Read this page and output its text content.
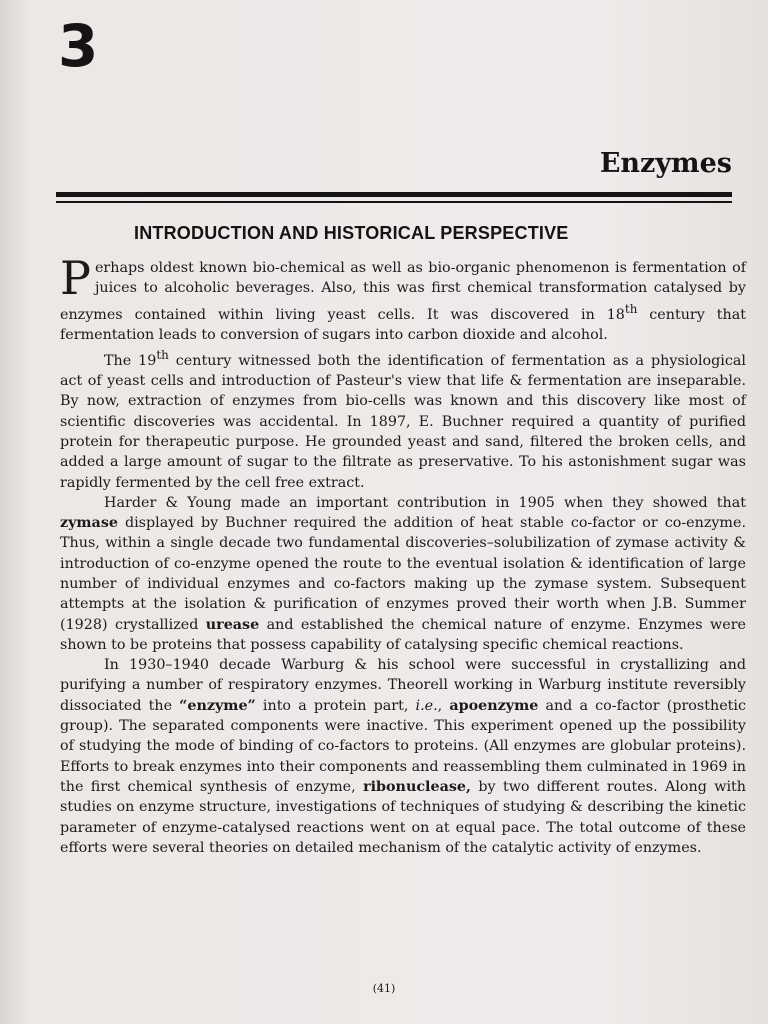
3
Enzymes
INTRODUCTION AND HISTORICAL PERSPECTIVE

Perhaps oldest known bio-chemical as well as bio-organic phenomenon is fermentation of juices to alcoholic beverages. Also, this was first chemical transformation catalysed by enzymes contained within living yeast cells. It was discovered in 18th century that fermentation leads to conversion of sugars into carbon dioxide and alcohol.

The 19th century witnessed both the identification of fermentation as a physiological act of yeast cells and introduction of Pasteur's view that life & fermentation are inseparable. By now, extraction of enzymes from bio-cells was known and this discovery like most of scientific discoveries was accidental. In 1897, E. Buchner required a quantity of purified protein for therapeutic purpose. He grounded yeast and sand, filtered the broken cells, and added a large amount of sugar to the filtrate as preservative. To his astonishment sugar was rapidly fermented by the cell free extract.

Harder & Young made an important contribution in 1905 when they showed that zymase displayed by Buchner required the addition of heat stable co-factor or co-enzyme. Thus, within a single decade two fundamental discoveries–solubilization of zymase activity & introduction of co-enzyme opened the route to the eventual isolation & identification of large number of individual enzymes and co-factors making up the zymase system. Subsequent attempts at the isolation & purification of enzymes proved their worth when J.B. Summer (1928) crystallized urease and established the chemical nature of enzyme. Enzymes were shown to be proteins that possess capability of catalysing specific chemical reactions.

In 1930–1940 decade Warburg & his school were successful in crystallizing and purifying a number of respiratory enzymes. Theorell working in Warburg institute reversibly dissociated the “enzyme” into a protein part, i.e., apoenzyme and a co-factor (prosthetic group). The separated components were inactive. This experiment opened up the possibility of studying the mode of binding of co-factors to proteins. (All enzymes are globular proteins). Efforts to break enzymes into their components and reassembling them culminated in 1969 in the first chemical synthesis of enzyme, ribonuclease, by two different routes. Along with studies on enzyme structure, investigations of techniques of studying & describing the kinetic parameter of enzyme-catalysed reactions went on at equal pace. The total outcome of these efforts were several theories on detailed mechanism of the catalytic activity of enzymes.

(41)
